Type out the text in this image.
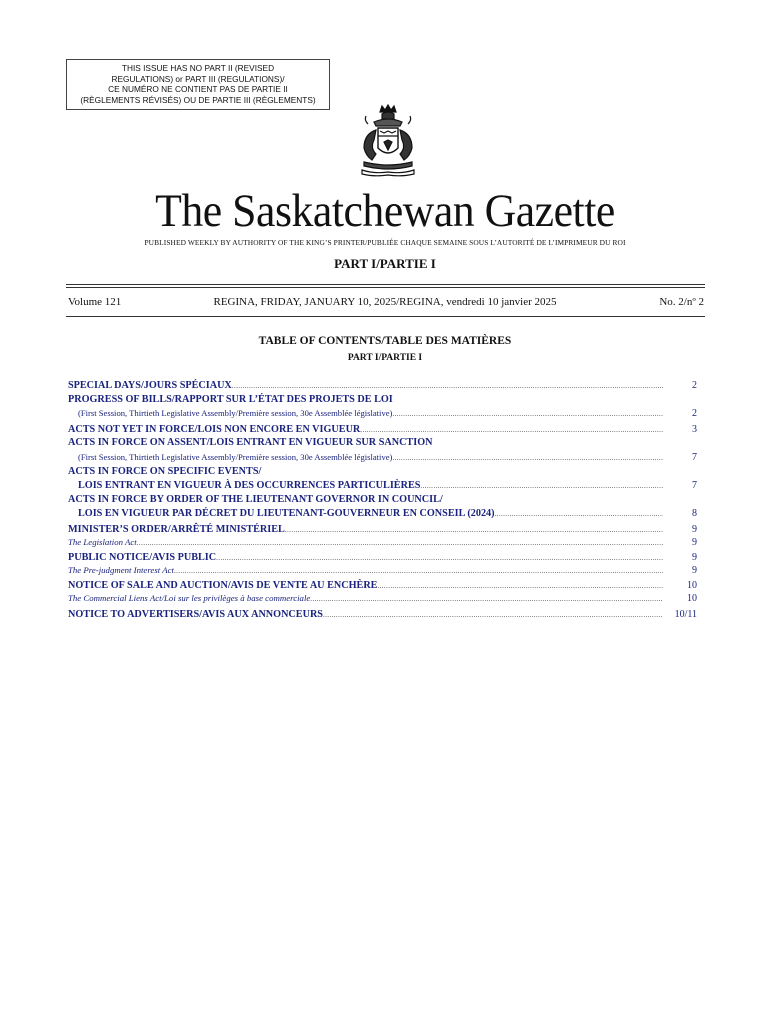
THIS ISSUE HAS NO PART II (REVISED
REGULATIONS) or PART III (REGULATIONS)/
CE NUMÉRO NE CONTIENT PAS DE PARTIE II
(RÈGLEMENTS RÉVISÉS) OU DE PARTIE III (RÈGLEMENTS)
The Saskatchewan Gazette
PUBLISHED WEEKLY BY AUTHORITY OF THE KING’S PRINTER/PUBLIÉE CHAQUE SEMAINE SOUS L’AUTORITÉ DE L’IMPRIMEUR DU ROI
PART I/PARTIE I
Volume 121	REGINA, FRIDAY, JANUARY 10, 2025/REGINA, vendredi 10 janvier 2025	No. 2/nº 2
TABLE OF CONTENTS/TABLE DES MATIÈRES
PART I/PARTIE I
SPECIAL DAYS/JOURS SPÉCIAUX .....	2
PROGRESS OF BILLS/RAPPORT SUR L’ÉTAT DES PROJETS DE LOI
(First Session, Thirtieth Legislative Assembly/Première session, 30e Assemblée législative) .....	2
ACTS NOT YET IN FORCE/LOIS NON ENCORE EN VIGUEUR .....	3
ACTS IN FORCE ON ASSENT/LOIS ENTRANT EN VIGUEUR SUR SANCTION
(First Session, Thirtieth Legislative Assembly/Première session, 30e Assemblée législative) .....	7
ACTS IN FORCE ON SPECIFIC EVENTS/
LOIS ENTRANT EN VIGUEUR À DES OCCURRENCES PARTICULIÈRES .....	7
ACTS IN FORCE BY ORDER OF THE LIEUTENANT GOVERNOR IN COUNCIL/
LOIS EN VIGUEUR PAR DÉCRET DU LIEUTENANT-GOUVERNEUR EN CONSEIL (2024) .....	8
MINISTER’S ORDER/ARRÊTÉ MINISTÉRIEL .....	9
The Legislation Act .....	9
PUBLIC NOTICE/AVIS PUBLIC .....	9
The Pre-judgment Interest Act .....	9
NOTICE OF SALE AND AUCTION/AVIS DE VENTE AU ENCHÈRE .....	10
The Commercial Liens Act/Loi sur les privilèges à base commerciale .....	10
NOTICE TO ADVERTISERS/AVIS AUX ANNONCEURS .....	10/11
